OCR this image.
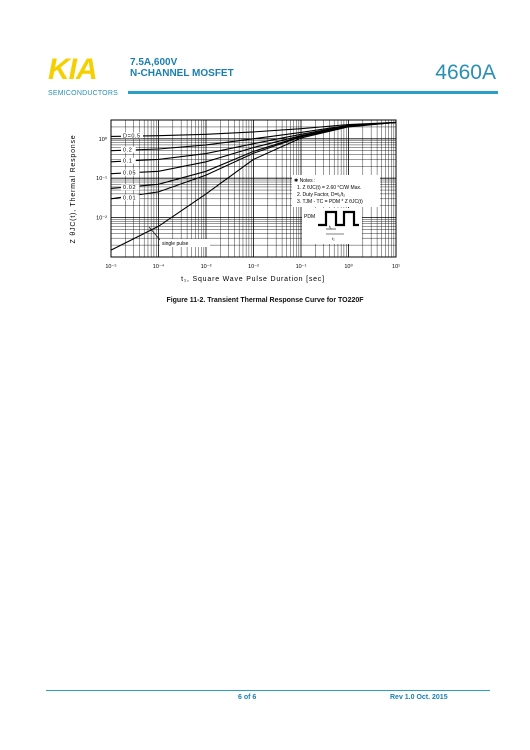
KIA
SEMICONDUCTORS
7.5A,600V
N-CHANNEL MOSFET	4660A
D=0.5
0.2
0.1
0.05
0.02
0.01
10⁻⁵	10⁻⁴	10⁻³	10⁻²	10⁻¹	10⁰	10¹
10⁻²
10⁻¹
10⁰
Z θJC(t), Thermal Response
t₁, Square Wave Pulse Duration [sec]
✱ Notes :
1. Z θJC(t) = 2.60 °C/W Max.
2. Duty Factor, D=t₁/t₂
3. TJM - TC = PDM * Z θJC(t)
PDM
t₁
t₂
single pulse
Figure 11-2. Transient Thermal Response Curve for TO220F
6 of 6	Rev 1.0 Oct. 2015
